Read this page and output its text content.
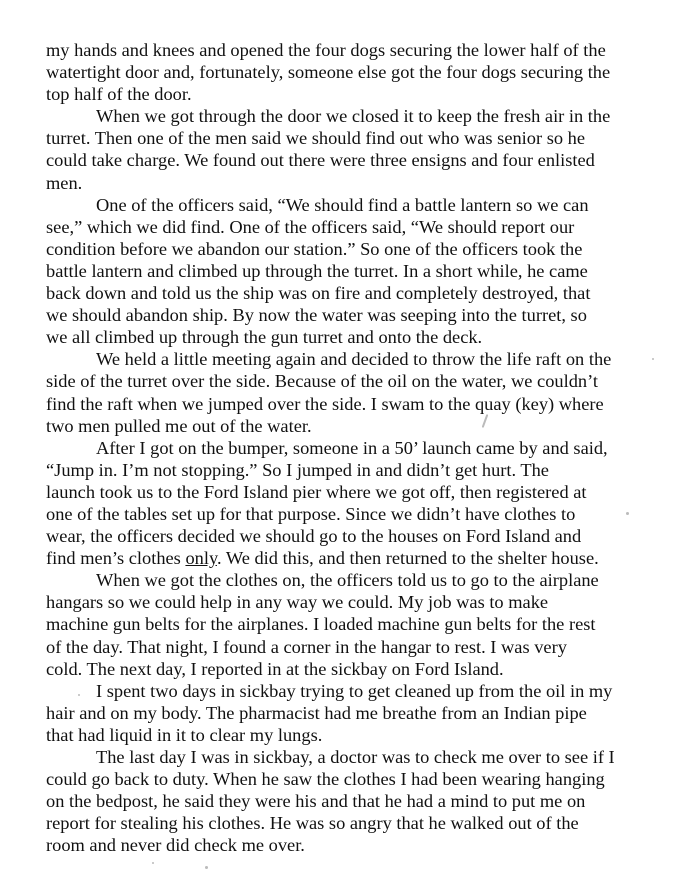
my hands and knees and opened the four dogs securing the lower half of the
watertight door and, fortunately, someone else got the four dogs securing the
top half of the door.
When we got through the door we closed it to keep the fresh air in the
turret. Then one of the men said we should find out who was senior so he
could take charge. We found out there were three ensigns and four enlisted
men.
One of the officers said, “We should find a battle lantern so we can
see,” which we did find. One of the officers said, “We should report our
condition before we abandon our station.” So one of the officers took the
battle lantern and climbed up through the turret. In a short while, he came
back down and told us the ship was on fire and completely destroyed, that
we should abandon ship. By now the water was seeping into the turret, so
we all climbed up through the gun turret and onto the deck.
We held a little meeting again and decided to throw the life raft on the
side of the turret over the side. Because of the oil on the water, we couldn’t
find the raft when we jumped over the side. I swam to the quay (key) where
two men pulled me out of the water.
After I got on the bumper, someone in a 50’ launch came by and said,
“Jump in. I’m not stopping.” So I jumped in and didn’t get hurt. The
launch took us to the Ford Island pier where we got off, then registered at
one of the tables set up for that purpose. Since we didn’t have clothes to
wear, the officers decided we should go to the houses on Ford Island and
find men’s clothes only. We did this, and then returned to the shelter house.
When we got the clothes on, the officers told us to go to the airplane
hangars so we could help in any way we could. My job was to make
machine gun belts for the airplanes. I loaded machine gun belts for the rest
of the day. That night, I found a corner in the hangar to rest. I was very
cold. The next day, I reported in at the sickbay on Ford Island.
I spent two days in sickbay trying to get cleaned up from the oil in my
hair and on my body. The pharmacist had me breathe from an Indian pipe
that had liquid in it to clear my lungs.
The last day I was in sickbay, a doctor was to check me over to see if I
could go back to duty. When he saw the clothes I had been wearing hanging
on the bedpost, he said they were his and that he had a mind to put me on
report for stealing his clothes. He was so angry that he walked out of the
room and never did check me over.
